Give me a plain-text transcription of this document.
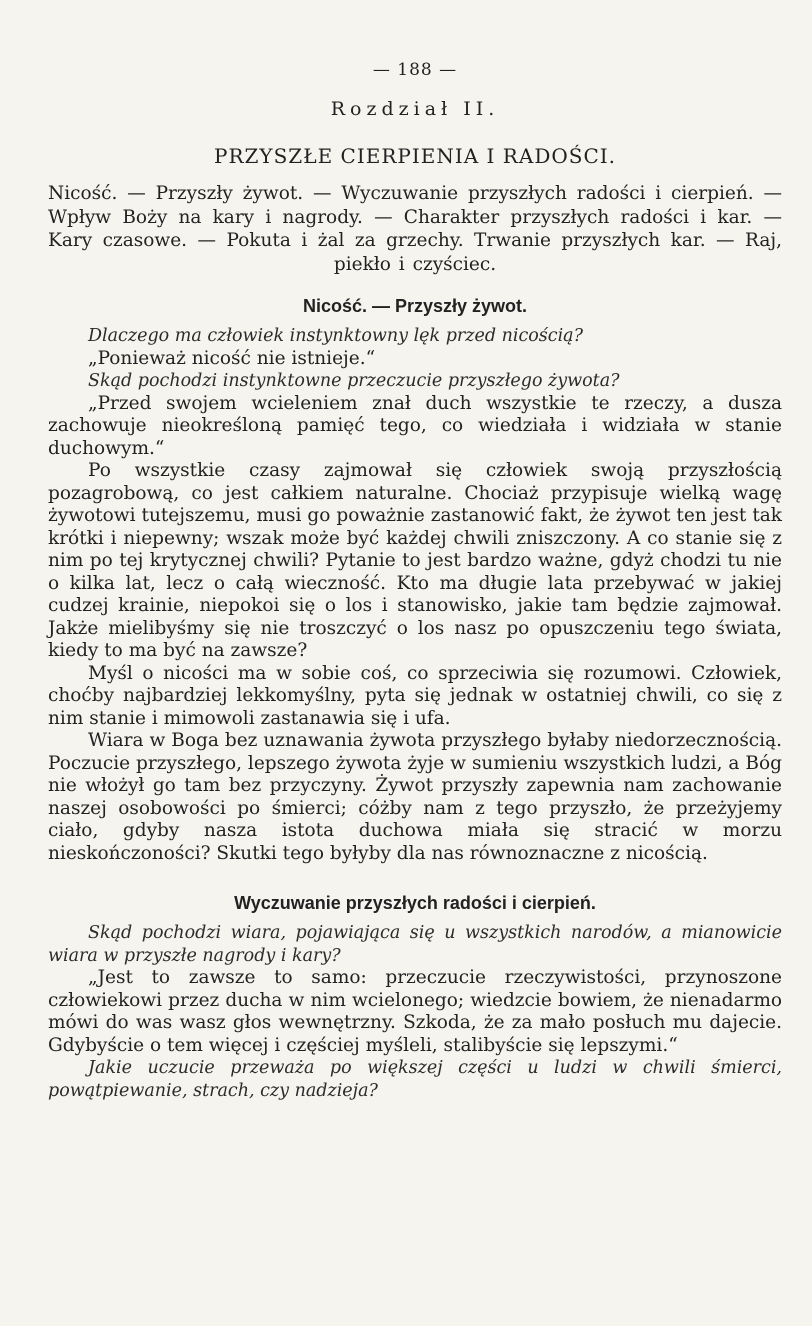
— 188 —
Rozdział II.
PRZYSZŁE CIERPIENIA I RADOŚCI.

Nicość. — Przyszły żywot. — Wyczuwanie przyszłych radości i cierpień. — Wpływ Boży na kary i nagrody. — Charakter przyszłych radości i kar. — Kary czasowe. — Pokuta i żal za grzechy. Trwanie przyszłych kar. — Raj, piekło i czyściec.

Nicość. — Przyszły żywot.

Dlaczego ma człowiek instynktowny lęk przed nicością?

„Ponieważ nicość nie istnieje.“

Skąd pochodzi instynktowne przeczucie przyszłego żywota?

„Przed swojem wcieleniem znał duch wszystkie te rzeczy, a dusza zachowuje nieokreśloną pamięć tego, co wiedziała i widziała w stanie duchowym.“

Po wszystkie czasy zajmował się człowiek swoją przyszłością pozagrobową, co jest całkiem naturalne. Chociaż przypisuje wielką wagę żywotowi tutejszemu, musi go poważnie zastanowić fakt, że żywot ten jest tak krótki i niepewny; wszak może być każdej chwili zniszczony. A co stanie się z nim po tej krytycznej chwili? Pytanie to jest bardzo ważne, gdyż chodzi tu nie o kilka lat, lecz o całą wieczność. Kto ma długie lata przebywać w jakiej cudzej krainie, niepokoi się o los i stanowisko, jakie tam będzie zajmował. Jakże mielibyśmy się nie troszczyć o los nasz po opuszczeniu tego świata, kiedy to ma być na zawsze?

Myśl o nicości ma w sobie coś, co sprzeciwia się rozumowi. Człowiek, choćby najbardziej lekkomyślny, pyta się jednak w ostatniej chwili, co się z nim stanie i mimowoli zastanawia się i ufa.

Wiara w Boga bez uznawania żywota przyszłego byłaby niedorzecznością. Poczucie przyszłego, lepszego żywota żyje w sumieniu wszystkich ludzi, a Bóg nie włożył go tam bez przyczyny. Żywot przyszły zapewnia nam zachowanie naszej osobowości po śmierci; cóżby nam z tego przyszło, że przeżyjemy ciało, gdyby nasza istota duchowa miała się stracić w morzu nieskończoności? Skutki tego byłyby dla nas równoznaczne z nicością.

Wyczuwanie przyszłych radości i cierpień.

Skąd pochodzi wiara, pojawiająca się u wszystkich narodów, a mianowicie wiara w przyszłe nagrody i kary?

„Jest to zawsze to samo: przeczucie rzeczywistości, przynoszone człowiekowi przez ducha w nim wcielonego; wiedzcie bowiem, że nienadarmo mówi do was wasz głos wewnętrzny. Szkoda, że za mało posłuch mu dajecie. Gdybyście o tem więcej i częściej myśleli, stalibyście się lepszymi.“

Jakie uczucie przeważa po większej części u ludzi w chwili śmierci, powątpiewanie, strach, czy nadzieja?
